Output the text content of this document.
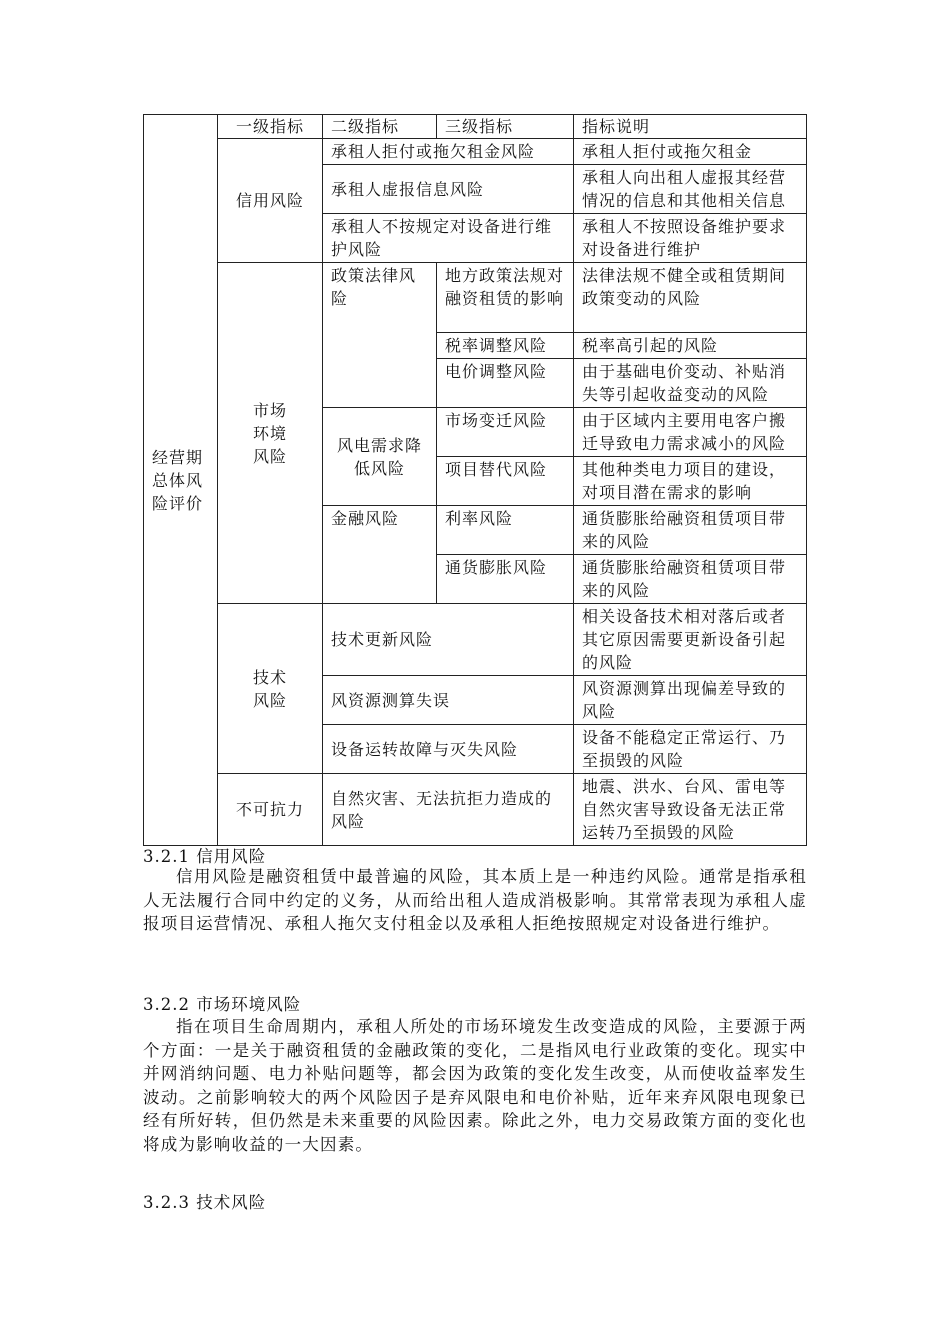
经营期总体风险评价	一级指标	二级指标	三级指标	指标说明
	信用风险	承租人拒付或拖欠租金风险		承租人拒付或拖欠租金
		承租人虚报信息风险		承租人向出租人虚报其经营情况的信息和其他相关信息
		承租人不按规定对设备进行维护风险		承租人不按照设备维护要求对设备进行维护
	市场环境风险	政策法律风险	地方政策法规对融资租赁的影响	法律法规不健全或租赁期间政策变动的风险
			税率调整风险	税率高引起的风险
			电价调整风险	由于基础电价变动、补贴消失等引起收益变动的风险
		风电需求降低风险	市场变迁风险	由于区域内主要用电客户搬迁导致电力需求减小的风险
			项目替代风险	其他种类电力项目的建设，对项目潜在需求的影响
		金融风险	利率风险	通货膨胀给融资租赁项目带来的风险
			通货膨胀风险	通货膨胀给融资租赁项目带来的风险
	技术风险	技术更新风险		相关设备技术相对落后或者其它原因需要更新设备引起的风险
		风资源测算失误		风资源测算出现偏差导致的风险
		设备运转故障与灭失风险		设备不能稳定正常运行、乃至损毁的风险
	不可抗力	自然灾害、无法抗拒力造成的风险		地震、洪水、台风、雷电等自然灾害导致设备无法正常运转乃至损毁的风险
3.2.1 信用风险

信用风险是融资租赁中最普遍的风险，其本质上是一种违约风险。通常是指承租人无法履行合同中约定的义务，从而给出租人造成消极影响。其常常表现为承租人虚报项目运营情况、承租人拖欠支付租金以及承租人拒绝按照规定对设备进行维护。

3.2.2 市场环境风险

指在项目生命周期内，承租人所处的市场环境发生改变造成的风险，主要源于两个方面：一是关于融资租赁的金融政策的变化，二是指风电行业政策的变化。现实中并网消纳问题、电力补贴问题等，都会因为政策的变化发生改变，从而使收益率发生波动。之前影响较大的两个风险因子是弃风限电和电价补贴，近年来弃风限电现象已经有所好转，但仍然是未来重要的风险因素。除此之外，电力交易政策方面的变化也将成为影响收益的一大因素。

3.2.3 技术风险
